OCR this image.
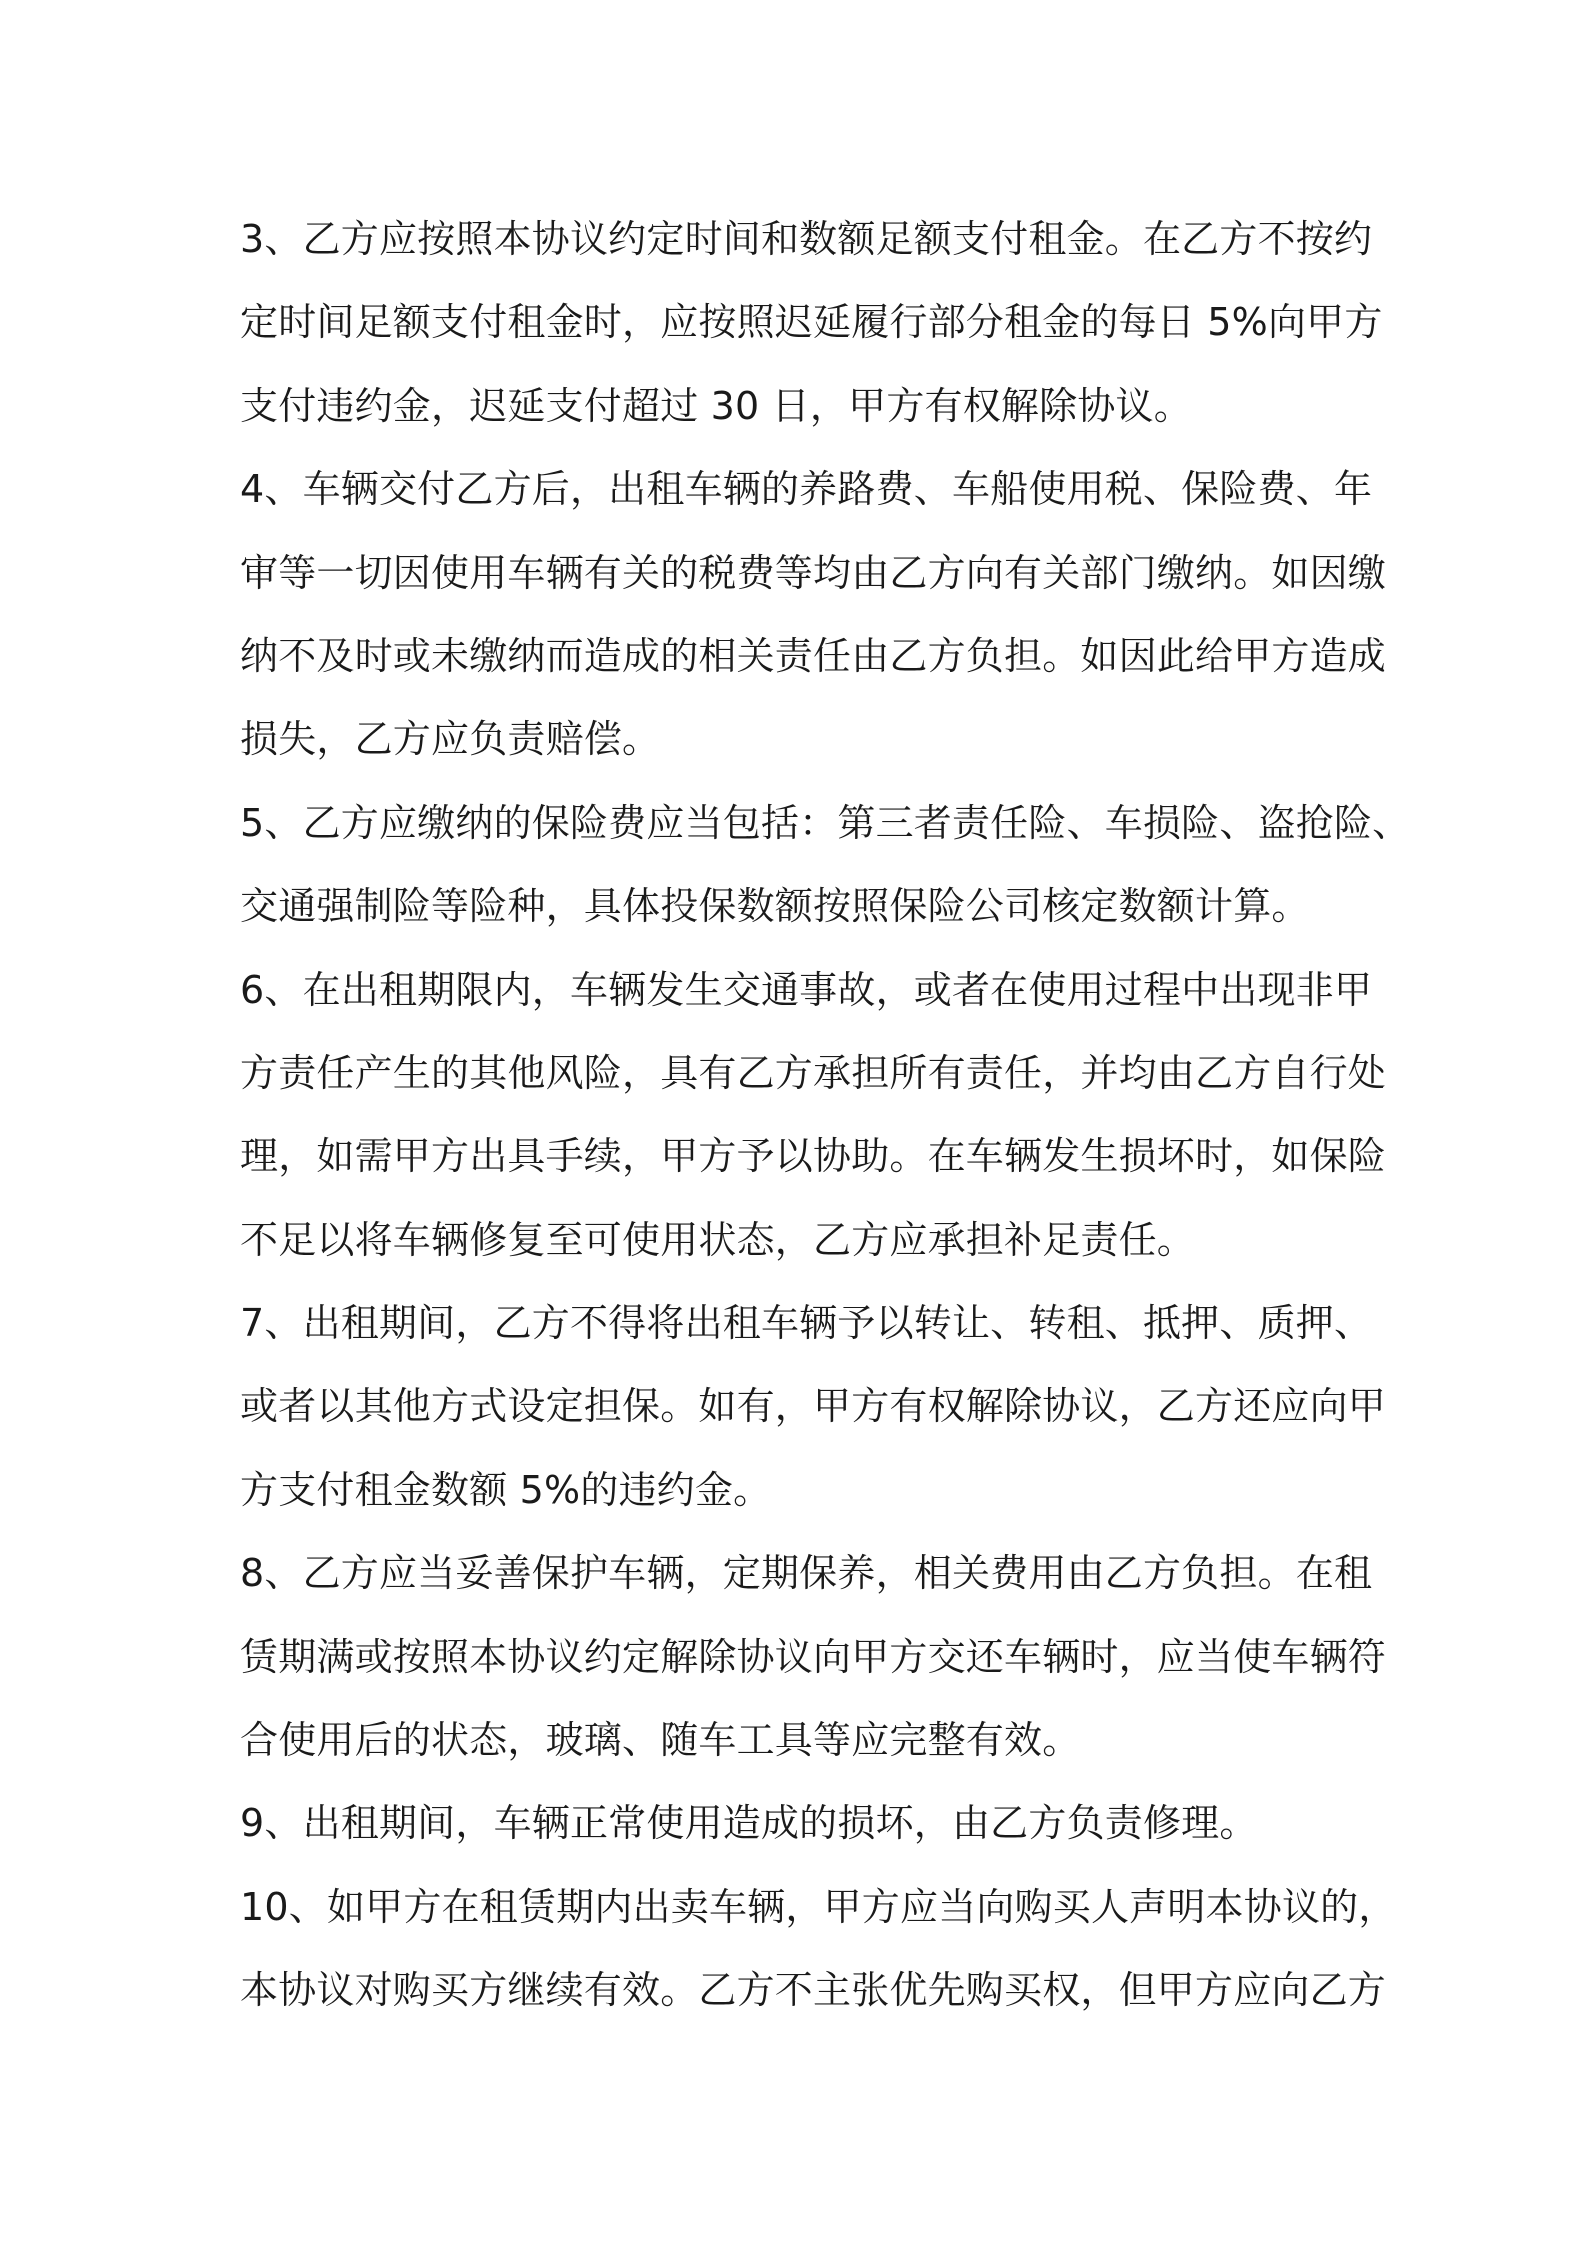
3、乙方应按照本协议约定时间和数额足额支付租金。在乙方不按约
定时间足额支付租金时，应按照迟延履行部分租金的每日 5%向甲方
支付违约金，迟延支付超过 30 日，甲方有权解除协议。
4、车辆交付乙方后，出租车辆的养路费、车船使用税、保险费、年
审等一切因使用车辆有关的税费等均由乙方向有关部门缴纳。如因缴
纳不及时或未缴纳而造成的相关责任由乙方负担。如因此给甲方造成
损失，乙方应负责赔偿。
5、乙方应缴纳的保险费应当包括：第三者责任险、车损险、盗抢险、
交通强制险等险种，具体投保数额按照保险公司核定数额计算。
6、在出租期限内，车辆发生交通事故，或者在使用过程中出现非甲
方责任产生的其他风险，具有乙方承担所有责任，并均由乙方自行处
理，如需甲方出具手续，甲方予以协助。在车辆发生损坏时，如保险
不足以将车辆修复至可使用状态，乙方应承担补足责任。
7、出租期间，乙方不得将出租车辆予以转让、转租、抵押、质押、
或者以其他方式设定担保。如有，甲方有权解除协议，乙方还应向甲
方支付租金数额 5%的违约金。
8、乙方应当妥善保护车辆，定期保养，相关费用由乙方负担。在租
赁期满或按照本协议约定解除协议向甲方交还车辆时，应当使车辆符
合使用后的状态，玻璃、随车工具等应完整有效。
9、出租期间，车辆正常使用造成的损坏，由乙方负责修理。
10、如甲方在租赁期内出卖车辆，甲方应当向购买人声明本协议的，
本协议对购买方继续有效。乙方不主张优先购买权，但甲方应向乙方
